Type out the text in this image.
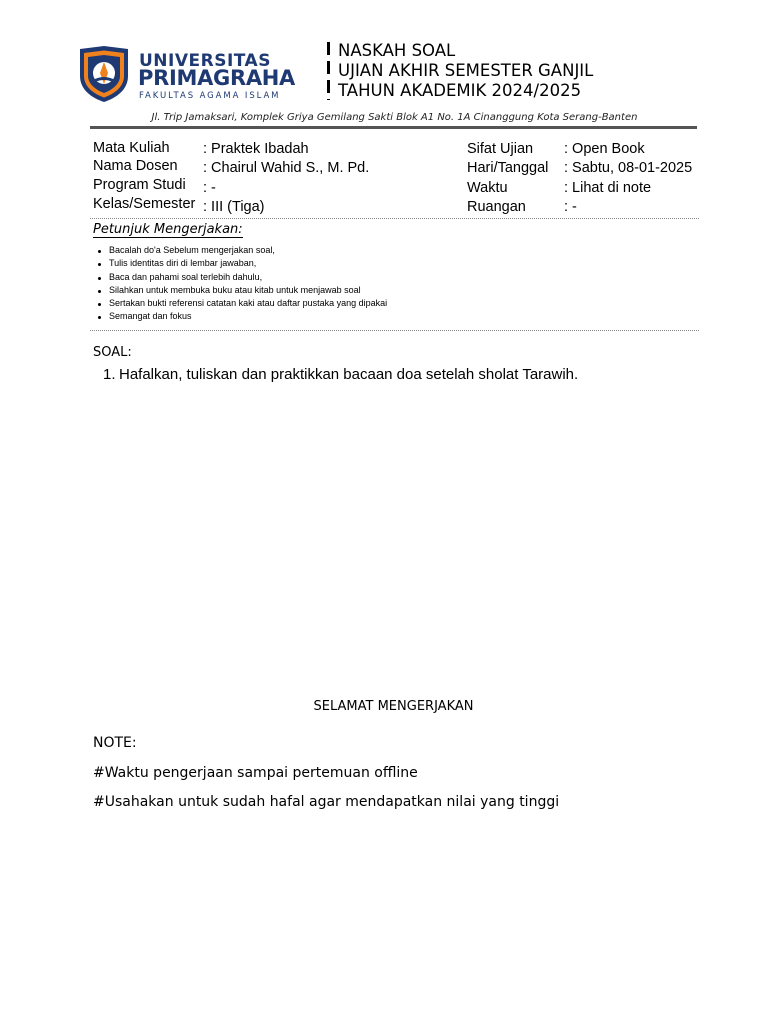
UNIVERSITAS
PRIMAGRAHA
FAKULTAS AGAMA ISLAM
NASKAH SOAL
UJIAN AKHIR SEMESTER GANJIL
TAHUN AKADEMIK 2024/2025
Jl. Trip Jamaksari, Komplek Griya Gemilang Sakti Blok A1 No. 1A Cinanggung Kota Serang-Banten
Mata Kuliah : Praktek Ibadah
Nama Dosen : Chairul Wahid S., M. Pd.
Program Studi : -
Kelas/Semester : III (Tiga)
Sifat Ujian : Open Book
Hari/Tanggal : Sabtu, 08-01-2025
Waktu	: Lihat di note
Ruangan	: -
Petunjuk Mengerjakan:
Bacalah do'a Sebelum mengerjakan soal,
Tulis identitas diri di lembar jawaban,
Baca dan pahami soal terlebih dahulu,
Silahkan untuk membuka buku atau kitab untuk menjawab soal
Sertakan bukti referensi catatan kaki atau daftar pustaka yang dipakai
Semangat dan fokus
SOAL:
1. Hafalkan, tuliskan dan praktikkan bacaan doa setelah sholat Tarawih.
SELAMAT MENGERJAKAN
NOTE:
#Waktu pengerjaan sampai pertemuan offline
#Usahakan untuk sudah hafal agar mendapatkan nilai yang tinggi
